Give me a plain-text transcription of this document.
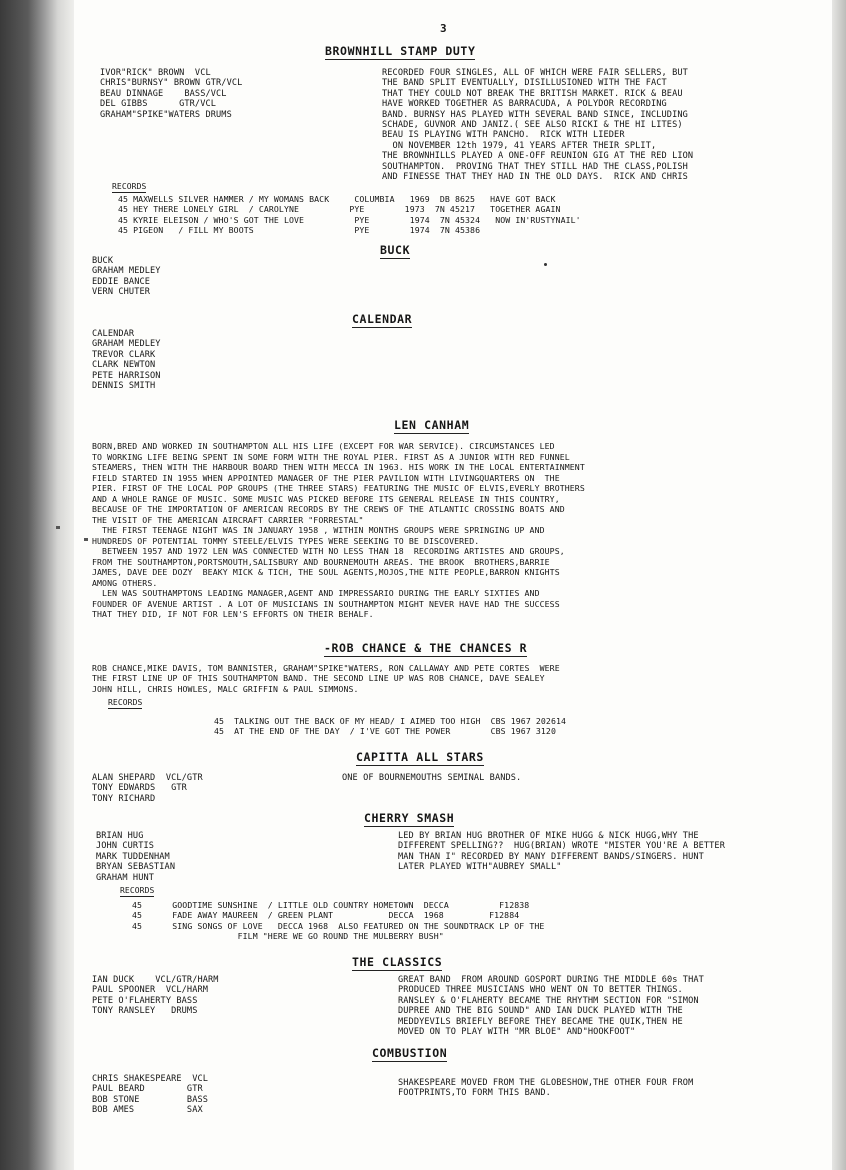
3
BROWNHILL STAMP DUTY
IVOR"RICK" BROWN  VCL
CHRIS"BURNSY" BROWN GTR/VCL
BEAU DINNAGE    BASS/VCL
DEL GIBBS      GTR/VCL
GRAHAM"SPIKE"WATERS DRUMS
RECORDED FOUR SINGLES, ALL OF WHICH WERE FAIR SELLERS, BUT
THE BAND SPLIT EVENTUALLY, DISILLUSIONED WITH THE FACT
THAT THEY COULD NOT BREAK THE BRITISH MARKET. RICK & BEAU
HAVE WORKED TOGETHER AS BARRACUDA, A POLYDOR RECORDING
BAND. BURNSY HAS PLAYED WITH SEVERAL BAND SINCE, INCLUDING
SCHADE, GUVNOR AND JANIZ.( SEE ALSO RICKI & THE HI LITES)
BEAU IS PLAYING WITH PANCHO.  RICK WITH LIEDER
ON NOVEMBER 12th 1979, 41 YEARS AFTER THEIR SPLIT,
THE BROWNHILLS PLAYED A ONE-OFF REUNION GIG AT THE RED LION
SOUTHAMPTON.  PROVING THAT THEY STILL HAD THE CLASS,POLISH
AND FINESSE THAT THEY HAD IN THE OLD DAYS.  RICK AND CHRIS
RECORDS
45 MAXWELLS SILVER HAMMER / MY WOMANS BACK     COLUMBIA   1969  DB 8625   HAVE GOT BACK
45 HEY THERE LONELY GIRL  / CAROLYNE          PYE        1973  7N 45217   TOGETHER AGAIN
45 KYRIE ELEISON / WHO'S GOT THE LOVE          PYE        1974  7N 45324   NOW IN'RUSTYNAIL'
45 PIGEON   / FILL MY BOOTS                    PYE        1974  7N 45386
BUCK
BUCK
GRAHAM MEDLEY
EDDIE BANCE
VERN CHUTER
CALENDAR
CALENDAR
GRAHAM MEDLEY
TREVOR CLARK
CLARK NEWTON
PETE HARRISON
DENNIS SMITH
LEN CANHAM
BORN,BRED AND WORKED IN SOUTHAMPTON ALL HIS LIFE (EXCEPT FOR WAR SERVICE). CIRCUMSTANCES LED
TO WORKING LIFE BEING SPENT IN SOME FORM WITH THE ROYAL PIER. FIRST AS A JUNIOR WITH RED FUNNEL
STEAMERS, THEN WITH THE HARBOUR BOARD THEN WITH MECCA IN 1963. HIS WORK IN THE LOCAL ENTERTAINMENT
FIELD STARTED IN 1955 WHEN APPOINTED MANAGER OF THE PIER PAVILION WITH LIVINGQUARTERS ON  THE
PIER. FIRST OF THE LOCAL POP GROUPS (THE THREE STARS) FEATURING THE MUSIC OF ELVIS,EVERLY BROTHERS
AND A WHOLE RANGE OF MUSIC. SOME MUSIC WAS PICKED BEFORE ITS GENERAL RELEASE IN THIS COUNTRY,
BECAUSE OF THE IMPORTATION OF AMERICAN RECORDS BY THE CREWS OF THE ATLANTIC CROSSING BOATS AND
THE VISIT OF THE AMERICAN AIRCRAFT CARRIER "FORRESTAL"
THE FIRST TEENAGE NIGHT WAS IN JANUARY 1958 , WITHIN MONTHS GROUPS WERE SPRINGING UP AND
HUNDREDS OF POTENTIAL TOMMY STEELE/ELVIS TYPES WERE SEEKING TO BE DISCOVERED.
BETWEEN 1957 AND 1972 LEN WAS CONNECTED WITH NO LESS THAN 18  RECORDING ARTISTES AND GROUPS,
FROM THE SOUTHAMPTON,PORTSMOUTH,SALISBURY AND BOURNEMOUTH AREAS. THE BROOK  BROTHERS,BARRIE
JAMES, DAVE DEE DOZY  BEAKY MICK & TICH, THE SOUL AGENTS,MOJOS,THE NITE PEOPLE,BARRON KNIGHTS
AMONG OTHERS.
LEN WAS SOUTHAMPTONS LEADING MANAGER,AGENT AND IMPRESSARIO DURING THE EARLY SIXTIES AND
FOUNDER OF AVENUE ARTIST . A LOT OF MUSICIANS IN SOUTHAMPTON MIGHT NEVER HAVE HAD THE SUCCESS
THAT THEY DID, IF NOT FOR LEN'S EFFORTS ON THEIR BEHALF.
-ROB CHANCE & THE CHANCES R
ROB CHANCE,MIKE DAVIS, TOM BANNISTER, GRAHAM"SPIKE"WATERS, RON CALLAWAY AND PETE CORTES  WERE
THE FIRST LINE UP OF THIS SOUTHAMPTON BAND. THE SECOND LINE UP WAS ROB CHANCE, DAVE SEALEY
JOHN HILL, CHRIS HOWLES, MALC GRIFFIN & PAUL SIMMONS.
RECORDS
45  TALKING OUT THE BACK OF MY HEAD/ I AIMED TOO HIGH  CBS 1967 202614
45  AT THE END OF THE DAY  / I'VE GOT THE POWER        CBS 1967 3120
CAPITTA ALL STARS
ALAN SHEPARD  VCL/GTR
TONY EDWARDS   GTR
TONY RICHARD
ONE OF BOURNEMOUTHS SEMINAL BANDS.
CHERRY SMASH
BRIAN HUG
JOHN CURTIS
MARK TUDDENHAM
BRYAN SEBASTIAN
GRAHAM HUNT
LED BY BRIAN HUG BROTHER OF MIKE HUGG & NICK HUGG,WHY THE
DIFFERENT SPELLING??  HUG(BRIAN) WROTE "MISTER YOU'RE A BETTER
MAN THAN I" RECORDED BY MANY DIFFERENT BANDS/SINGERS. HUNT
LATER PLAYED WITH"AUBREY SMALL"
RECORDS
45      GOODTIME SUNSHINE  / LITTLE OLD COUNTRY HOMETOWN  DECCA          F12838
45      FADE AWAY MAUREEN  / GREEN PLANT           DECCA  1968         F12884
45      SING SONGS OF LOVE   DECCA 1968  ALSO FEATURED ON THE SOUNDTRACK LP OF THE
FILM "HERE WE GO ROUND THE MULBERRY BUSH"
THE CLASSICS
IAN DUCK    VCL/GTR/HARM
PAUL SPOONER  VCL/HARM
PETE O'FLAHERTY BASS
TONY RANSLEY   DRUMS
GREAT BAND  FROM AROUND GOSPORT DURING THE MIDDLE 60s THAT
PRODUCED THREE MUSICIANS WHO WENT ON TO BETTER THINGS.
RANSLEY & O'FLAHERTY BECAME THE RHYTHM SECTION FOR "SIMON
DUPREE AND THE BIG SOUND" AND IAN DUCK PLAYED WITH THE
MEDDYEVILS BRIEFLY BEFORE THEY BECAME THE QUIK,THEN HE
MOVED ON TO PLAY WITH "MR BLOE" AND"HOOKFOOT"
COMBUSTION
CHRIS SHAKESPEARE  VCL
PAUL BEARD        GTR
BOB STONE         BASS
BOB AMES          SAX
SHAKESPEARE MOVED FROM THE GLOBESHOW,THE OTHER FOUR FROM
FOOTPRINTS,TO FORM THIS BAND.
